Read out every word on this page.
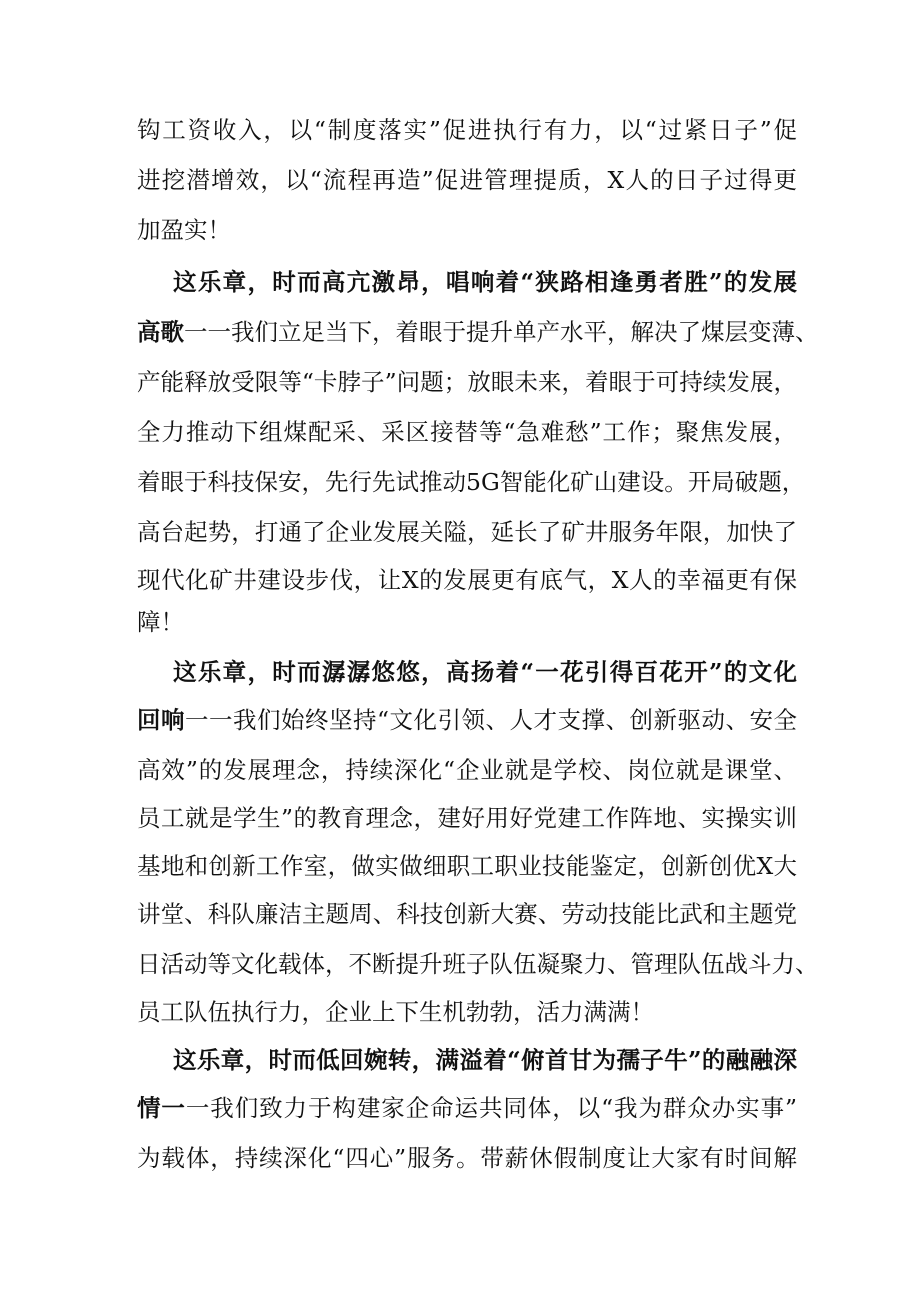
钩工资收入，以“制度落实”促进执行有力，以“过紧日子”促
进挖潜增效，以“流程再造”促进管理提质，X人的日子过得更
加盈实！
这乐章，时而高亢激昂，唱响着“狭路相逢勇者胜”的发展
高歌一一我们立足当下，着眼于提升单产水平，解决了煤层变薄、
产能释放受限等“卡脖子”问题；放眼未来，着眼于可持续发展，
全力推动下组煤配采、采区接替等“急难愁”工作；聚焦发展，
着眼于科技保安，先行先试推动5G智能化矿山建设。开局破题，
高台起势，打通了企业发展关隘，延长了矿井服务年限，加快了
现代化矿井建设步伐，让X的发展更有底气，X人的幸福更有保
障！
这乐章，时而潺潺悠悠，高扬着“一花引得百花开”的文化
回响一一我们始终坚持“文化引领、人才支撑、创新驱动、安全
高效”的发展理念，持续深化“企业就是学校、岗位就是课堂、
员工就是学生”的教育理念，建好用好党建工作阵地、实操实训
基地和创新工作室，做实做细职工职业技能鉴定，创新创优X大
讲堂、科队廉洁主题周、科技创新大赛、劳动技能比武和主题党
日活动等文化载体，不断提升班子队伍凝聚力、管理队伍战斗力、
员工队伍执行力，企业上下生机勃勃，活力满满！
这乐章，时而低回婉转，满溢着“俯首甘为孺子牛”的融融深
情一一我们致力于构建家企命运共同体，以“我为群众办实事”
为载体，持续深化“四心”服务。带薪休假制度让大家有时间解
